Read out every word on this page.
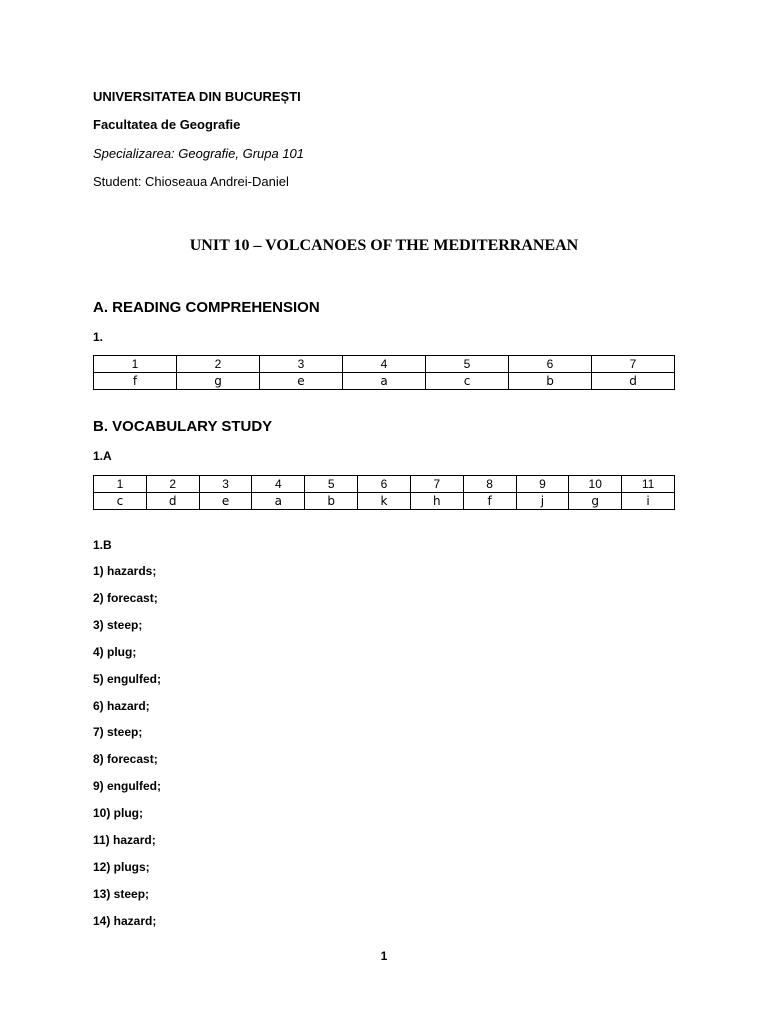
UNIVERSITATEA DIN BUCUREȘTI
Facultatea de Geografie
Specializarea: Geografie, Grupa 101
Student: Chioseaua Andrei-Daniel
UNIT 10 – VOLCANOES OF THE MEDITERRANEAN
A. READING COMPREHENSION
1.
1	2	3	4	5	6	7
f	g	e	a	c	b	d
B. VOCABULARY STUDY
1.A
1	2	3	4	5	6	7	8	9	10	11
c	d	e	a	b	k	h	f	j	g	i
1.B
1) hazards;
2) forecast;
3) steep;
4) plug;
5) engulfed;
6) hazard;
7) steep;
8) forecast;
9) engulfed;
10) plug;
11) hazard;
12) plugs;
13) steep;
14) hazard;
1
